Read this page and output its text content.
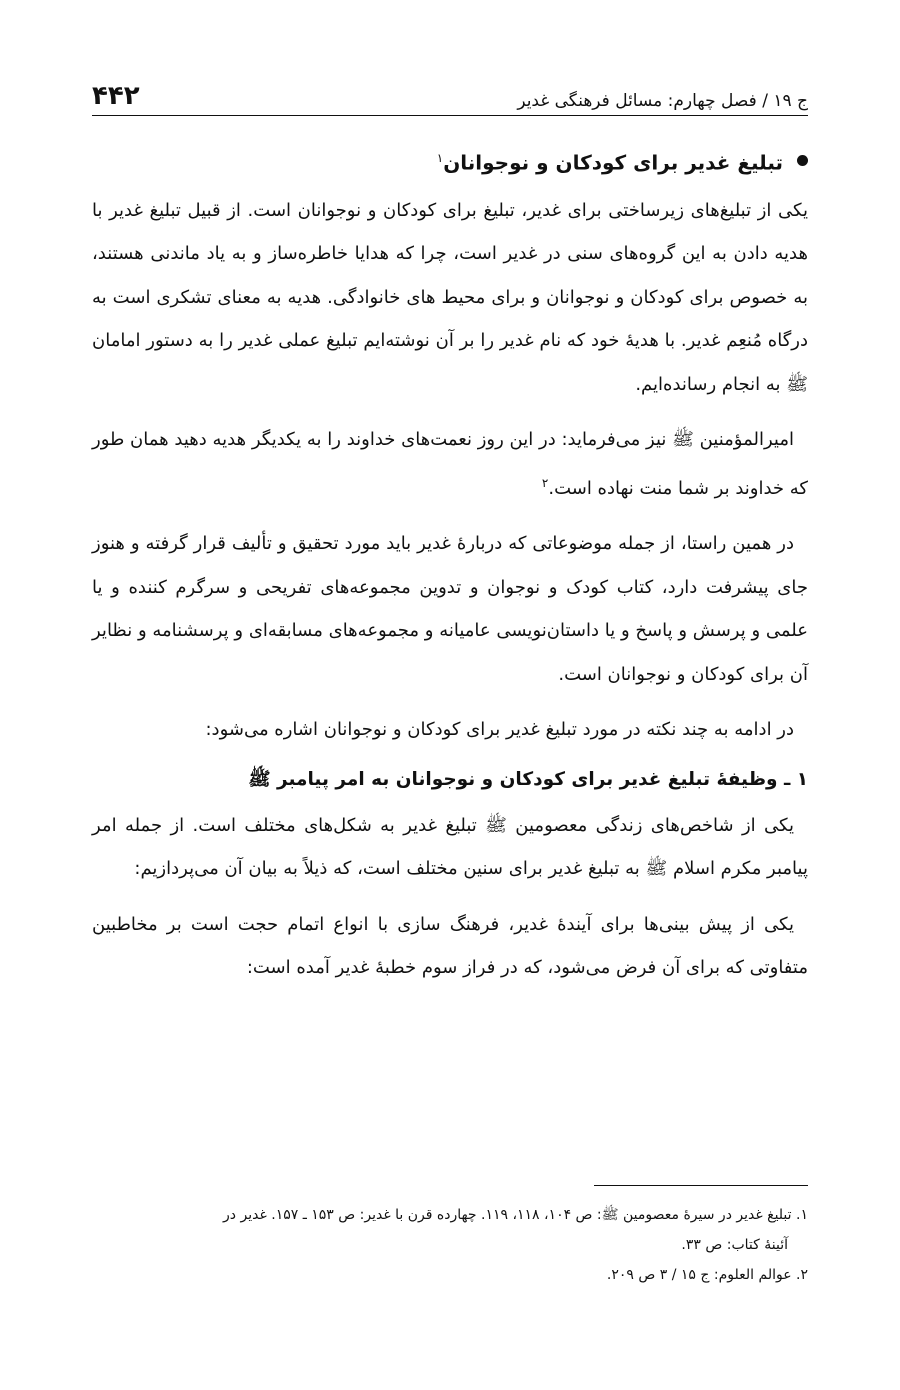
ج ۱۹ / فصل چهارم: مسائل فرهنگی غدیر
۴۴۲
تبلیغ غدیر برای کودکان و نوجوانان$^۱$

یکی از تبلیغ‌های زیرساختی برای غدیر، تبلیغ برای کودکان و نوجوانان است. از قبیل تبلیغ غدیر با هدیه دادن به این گروه‌های سنی در غدیر است، چرا که هدایا خاطره‌ساز و به یاد ماندنی هستند، به خصوص برای کودکان و نوجوانان و برای محیط های خانوادگی. هدیه به معنای تشکری است به درگاه مُنعِم غدیر. با هدیهٔ خود که نام غدیر را بر آن نوشته‌ایم تبلیغ عملی غدیر را به دستور امامان ﷺ به انجام رسانده‌ایم.

امیرالمؤمنین ﷺ نیز می‌فرماید: در این روز نعمت‌های خداوند را به یکدیگر هدیه دهید همان طور که خداوند بر شما منت نهاده است.$^۲$

در همین راستا، از جمله موضوعاتی که دربارهٔ غدیر باید مورد تحقیق و تألیف قرار گرفته و هنوز جای پیشرفت دارد، کتاب کودک و نوجوان و تدوین مجموعه‌های تفریحی و سرگرم کننده و یا علمی و پرسش و پاسخ و یا داستان‌نویسی عامیانه و مجموعه‌های مسابقه‌ای و پرسشنامه و نظایر آن برای کودکان و نوجوانان است.

در ادامه به چند نکته در مورد تبلیغ غدیر برای کودکان و نوجوانان اشاره می‌شود:

۱ ـ وظیفهٔ تبلیغ غدیر برای کودکان و نوجوانان به امر پیامبر ﷺ

یکی از شاخص‌های زندگی معصومین ﷺ تبلیغ غدیر به شکل‌های مختلف است. از جمله امر پیامبر مکرم اسلام ﷺ به تبلیغ غدیر برای سنین مختلف است، که ذیلاً به بیان آن می‌پردازیم:

یکی از پیش بینی‌ها برای آیندهٔ غدیر، فرهنگ سازی با انواع اتمام حجت است بر مخاطبین متفاوتی که برای آن فرض می‌شود، که در فراز سوم خطبهٔ غدیر آمده است:

۱. تبلیغ غدیر در سیرهٔ معصومین ﷺ: ص ۱۰۴، ۱۱۸، ۱۱۹. چهارده قرن با غدیر: ص ۱۵۳ ـ ۱۵۷. غدیر در
آئینهٔ کتاب: ص ۳۳.

۲. عوالم العلوم: ج ۱۵ / ۳ ص ۲۰۹.
